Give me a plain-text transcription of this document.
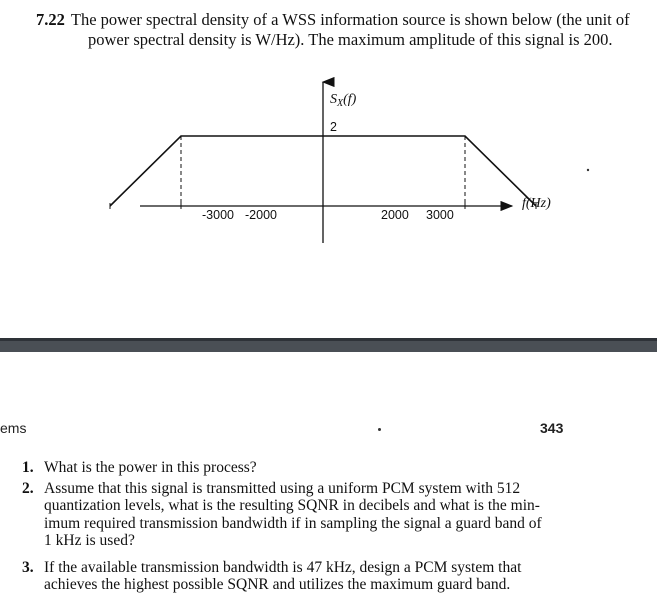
7.22 The power spectral density of a WSS information source is shown below (the unit of
power spectral density is W/Hz). The maximum amplitude of this signal is 200.
$S_X(f)$
2
f(Hz)
-3000 -2000	2000 3000
ems	343
1. What is the power in this process?
2. Assume that this signal is transmitted using a uniform PCM system with 512
quantization levels, what is the resulting SQNR in decibels and what is the min-
imum required transmission bandwidth if in sampling the signal a guard band of
1 kHz is used?
3. If the available transmission bandwidth is 47 kHz, design a PCM system that
achieves the highest possible SQNR and utilizes the maximum guard band.
